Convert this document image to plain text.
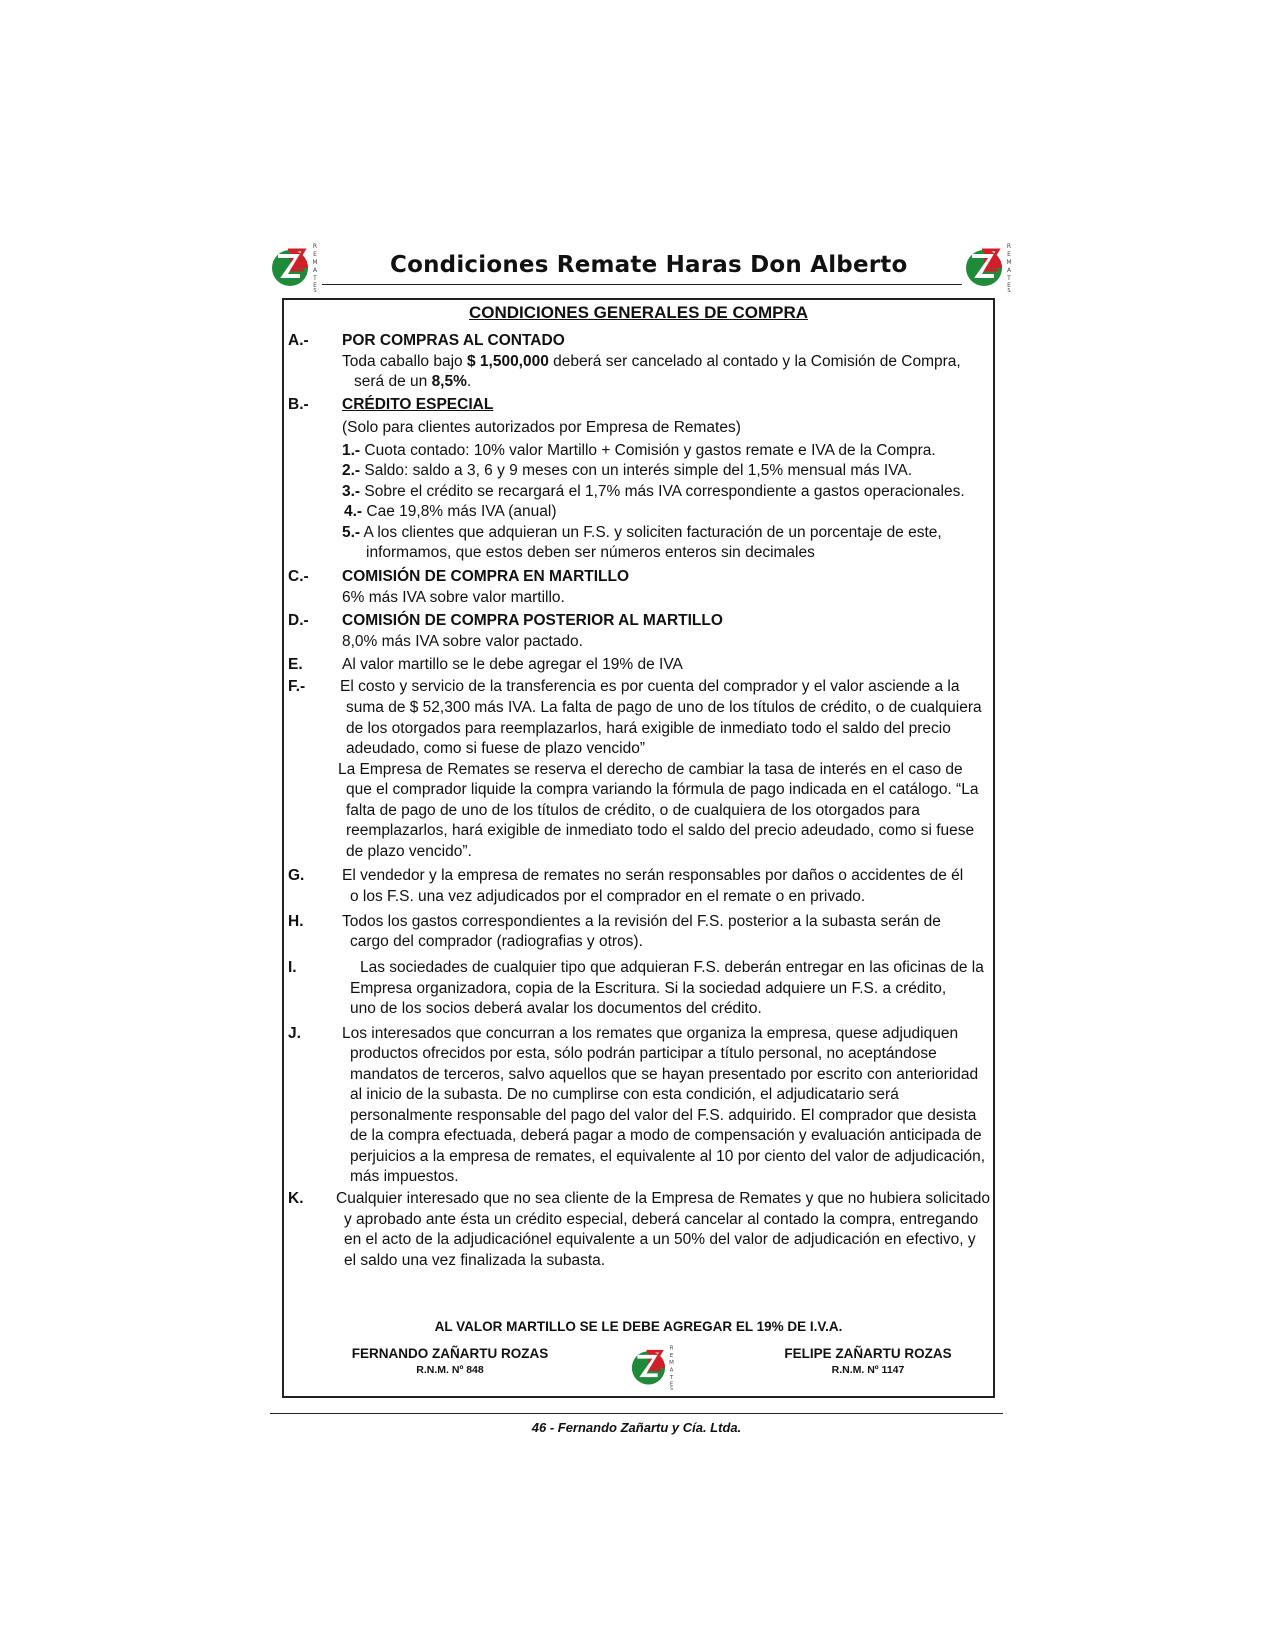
R
E
M
A
T
E
S
Condiciones Remate Haras Don Alberto
R
E
M
A
T
E
S
CONDICIONES GENERALES DE COMPRA
A.- POR COMPRAS AL CONTADO
Toda caballo bajo $ 1,500,000 deberá ser cancelado al contado y la Comisión de Compra,
será de un 8,5%.
B.- CRÉDITO ESPECIAL
(Solo para clientes autorizados por Empresa de Remates)
1.- Cuota contado: 10% valor Martillo + Comisión y gastos remate e IVA de la Compra.
2.- Saldo: saldo a 3, 6 y 9 meses con un interés simple del 1,5% mensual más IVA.
3.- Sobre el crédito se recargará el 1,7% más IVA correspondiente a gastos operacionales.
4.- Cae 19,8% más IVA (anual)
5.- A los clientes que adquieran un F.S. y soliciten facturación de un porcentaje de este,
informamos, que estos deben ser números enteros sin decimales
C.- COMISIÓN DE COMPRA EN MARTILLO
6% más IVA sobre valor martillo.
D.- COMISIÓN DE COMPRA POSTERIOR AL MARTILLO
8,0% más IVA sobre valor pactado.
E.	Al valor martillo se le debe agregar el 19% de IVA
F.- El costo y servicio de la transferencia es por cuenta del comprador y el valor asciende a la
suma de $ 52,300 más IVA. La falta de pago de uno de los títulos de crédito, o de cualquiera
de los otorgados para reemplazarlos, hará exigible de inmediato todo el saldo del precio
adeudado, como si fuese de plazo vencido”
La Empresa de Remates se reserva el derecho de cambiar la tasa de interés en el caso de
que el comprador liquide la compra variando la fórmula de pago indicada en el catálogo. “La
falta de pago de uno de los títulos de crédito, o de cualquiera de los otorgados para
reemplazarlos, hará exigible de inmediato todo el saldo del precio adeudado, como si fuese
de plazo vencido”.
G. El vendedor y la empresa de remates no serán responsables por daños o accidentes de él
o los F.S. una vez adjudicados por el comprador en el remate o en privado.
H. Todos los gastos correspondientes a la revisión del F.S. posterior a la subasta serán de
cargo del comprador (radiografias y otros).
I.	Las sociedades de cualquier tipo que adquieran F.S. deberán entregar en las oficinas de la
Empresa organizadora, copia de la Escritura. Si la sociedad adquiere un F.S. a crédito,
uno de los socios deberá avalar los documentos del crédito.
J.	Los interesados que concurran a los remates que organiza la empresa, quese adjudiquen
productos ofrecidos por esta, sólo podrán participar a título personal, no aceptándose
mandatos de terceros, salvo aquellos que se hayan presentado por escrito con anterioridad
al inicio de la subasta. De no cumplirse con esta condición, el adjudicatario será
personalmente responsable del pago del valor del F.S. adquirido. El comprador que desista
de la compra efectuada, deberá pagar a modo de compensación y evaluación anticipada de
perjuicios a la empresa de remates, el equivalente al 10 por ciento del valor de adjudicación,
más impuestos.
K. Cualquier interesado que no sea cliente de la Empresa de Remates y que no hubiera solicitado
y aprobado ante ésta un crédito especial, deberá cancelar al contado la compra, entregando
en el acto de la adjudicaciónel equivalente a un 50% del valor de adjudicación en efectivo, y
el saldo una vez finalizada la subasta.
AL VALOR MARTILLO SE LE DEBE AGREGAR EL 19% DE I.V.A.
FERNANDO ZAÑARTU ROZAS
R.N.M. Nº 848
R
E
M
A
T
E
S
FELIPE ZAÑARTU ROZAS
R.N.M. Nº 1147
46 - Fernando Zañartu y Cía. Ltda.
